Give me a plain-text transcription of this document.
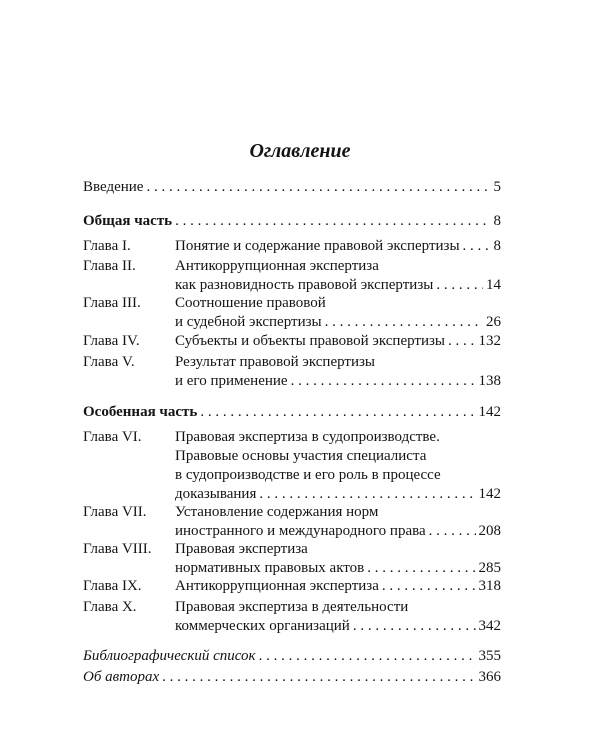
Оглавление
Введение . . .	5
Общая часть . . .	8
Глава I.	Понятие и содержание правовой экспертизы . . . 8
Глава II.	Антикоррупционная экспертиза
как разновидность правовой экспертизы . . .	14
Глава III.	Соотношение правовой
и судебной экспертизы . . .	26
Глава IV.	Субъекты и объекты правовой экспертизы . . . 132
Глава V.	Результат правовой экспертизы
и его применение . . .	138
Особенная часть . . .	142
Глава VI.	Правовая экспертиза в судопроизводстве.
Правовые основы участия специалиста
в судопроизводстве и его роль в процессе
доказывания . . .	142
Глава VII.	Установление содержания норм
иностранного и международного права . . .	208
Глава VIII.	Правовая экспертиза
нормативных правовых актов . . .	285
Глава IX.	Антикоррупционная экспертиза . . .	318
Глава X.	Правовая экспертиза в деятельности
коммерческих организаций . . .	342
Библиографический список . . .	355
Об авторах . . .	366
